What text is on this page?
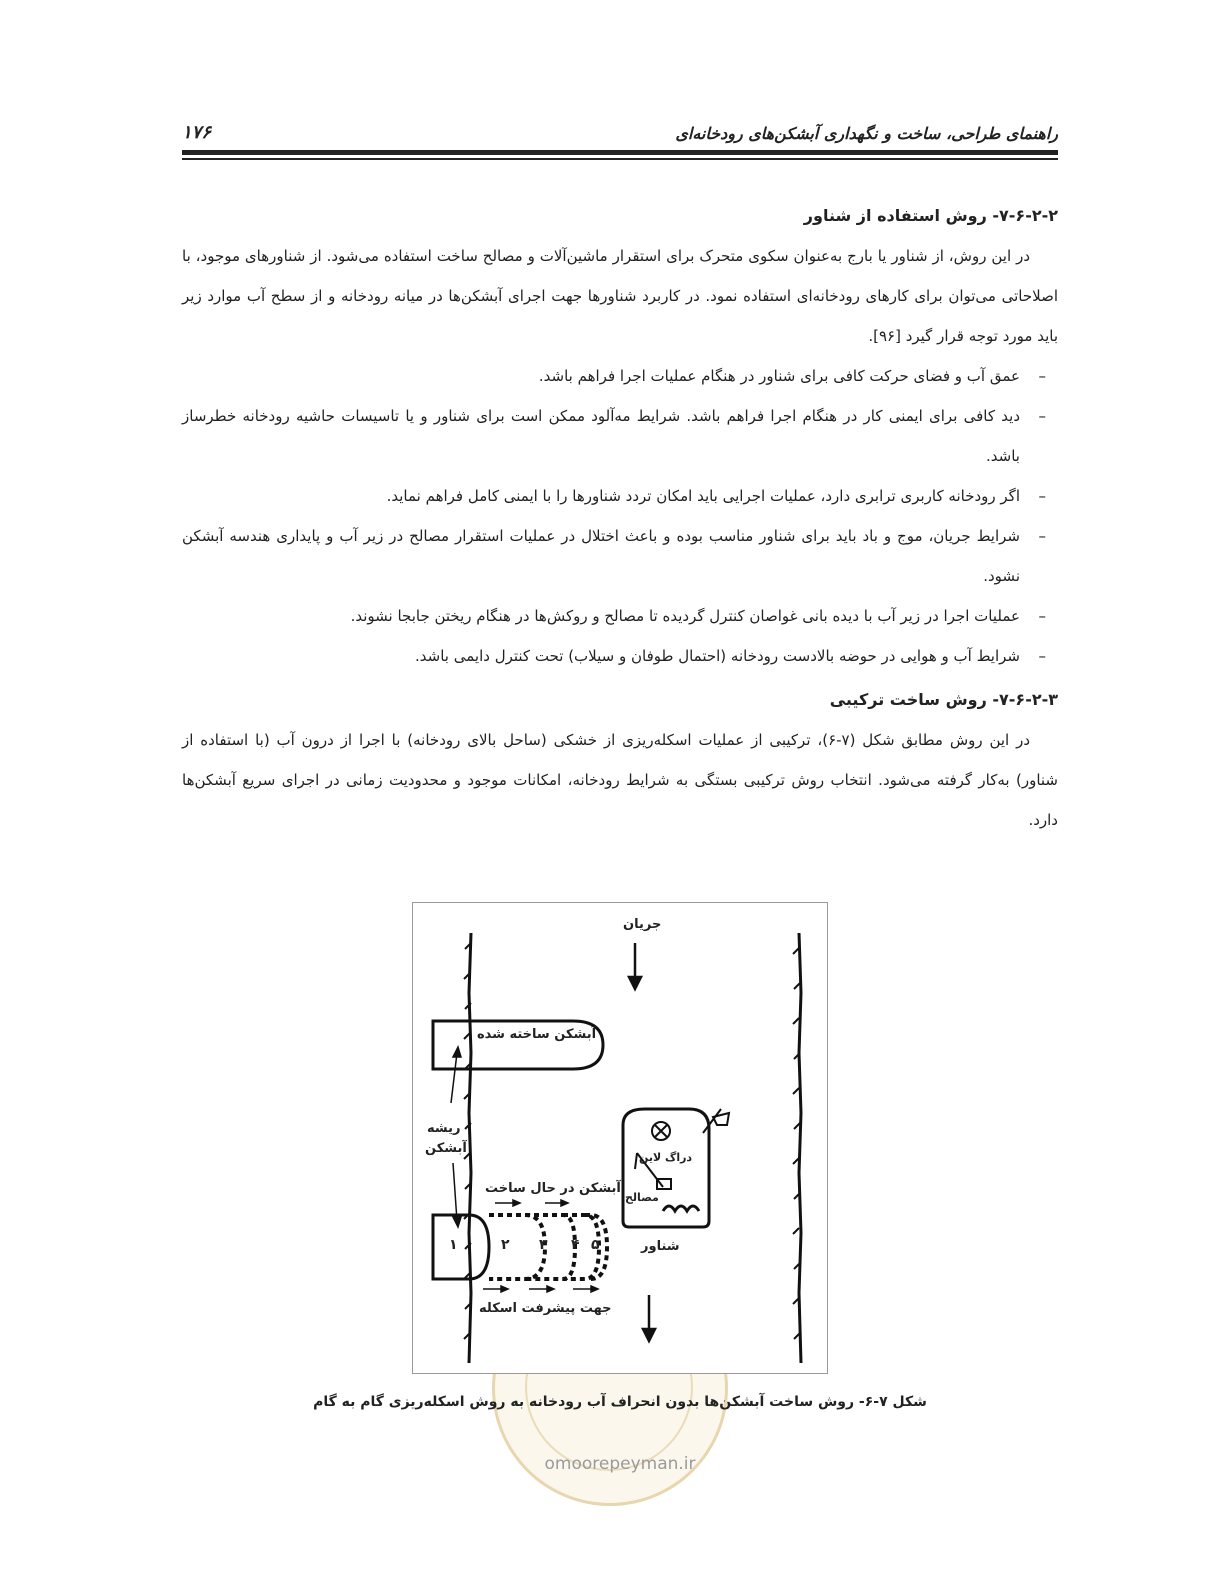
راهنمای طراحی، ساخت و نگهداری آبشکن‌های رودخانه‌ای
۱۷۶
۷-۶-۲-۲- روش استفاده از شناور

در این روش، از شناور یا بارج به‌عنوان سکوی متحرک برای استقرار ماشین‌آلات و مصالح ساخت استفاده می‌شود. از شناورهای موجود، با اصلاحاتی می‌توان برای کارهای رودخانه‌ای استفاده نمود. در کاربرد شناورها جهت اجرای آبشکن‌ها در میانه رودخانه و از سطح آب موارد زیر باید مورد توجه قرار گیرد [۹۶].

– عمق آب و فضای حرکت کافی برای شناور در هنگام عملیات اجرا فراهم باشد.
– دید کافی برای ایمنی کار در هنگام اجرا فراهم باشد. شرایط مه‌آلود ممکن است برای شناور و یا تاسیسات حاشیه رودخانه خطرساز باشد.
– اگر رودخانه کاربری ترابری دارد، عملیات اجرایی باید امکان تردد شناورها را با ایمنی کامل فراهم نماید.
– شرایط جریان، موج و باد باید برای شناور مناسب بوده و باعث اختلال در عملیات استقرار مصالح در زیر آب و پایداری هندسه آبشکن نشود.
– عملیات اجرا در زیر آب با دیده بانی غواصان کنترل گردیده تا مصالح و روکش‌ها در هنگام ریختن جابجا نشوند.
– شرایط آب و هوایی در حوضه بالادست رودخانه (احتمال طوفان و سیلاب) تحت کنترل دایمی باشد.
۷-۶-۲-۳- روش ساخت ترکیبی

در این روش مطابق شکل (۷-۶)، ترکیبی از عملیات اسکله‌ریزی از خشکی (ساحل بالای رودخانه) با اجرا از درون آب (با استفاده از شناور) به‌کار گرفته می‌شود. انتخاب روش ترکیبی بستگی به شرایط رودخانه، امکانات موجود و محدودیت زمانی در اجرای سریع آبشکن‌ها دارد.

جریان
آبشکن ساخته شده
ریشه
آبشکن
آبشکن در حال ساخت
دراگ لاین
مصالح
شناور
جهت پیشرفت اسکله
۱	۲ ۳ ۴ ۵
شکل ۷-۶- روش ساخت آبشکن‌ها بدون انحراف آب رودخانه به روش اسکله‌ریزی گام به گام
omoorepeyman.ir
